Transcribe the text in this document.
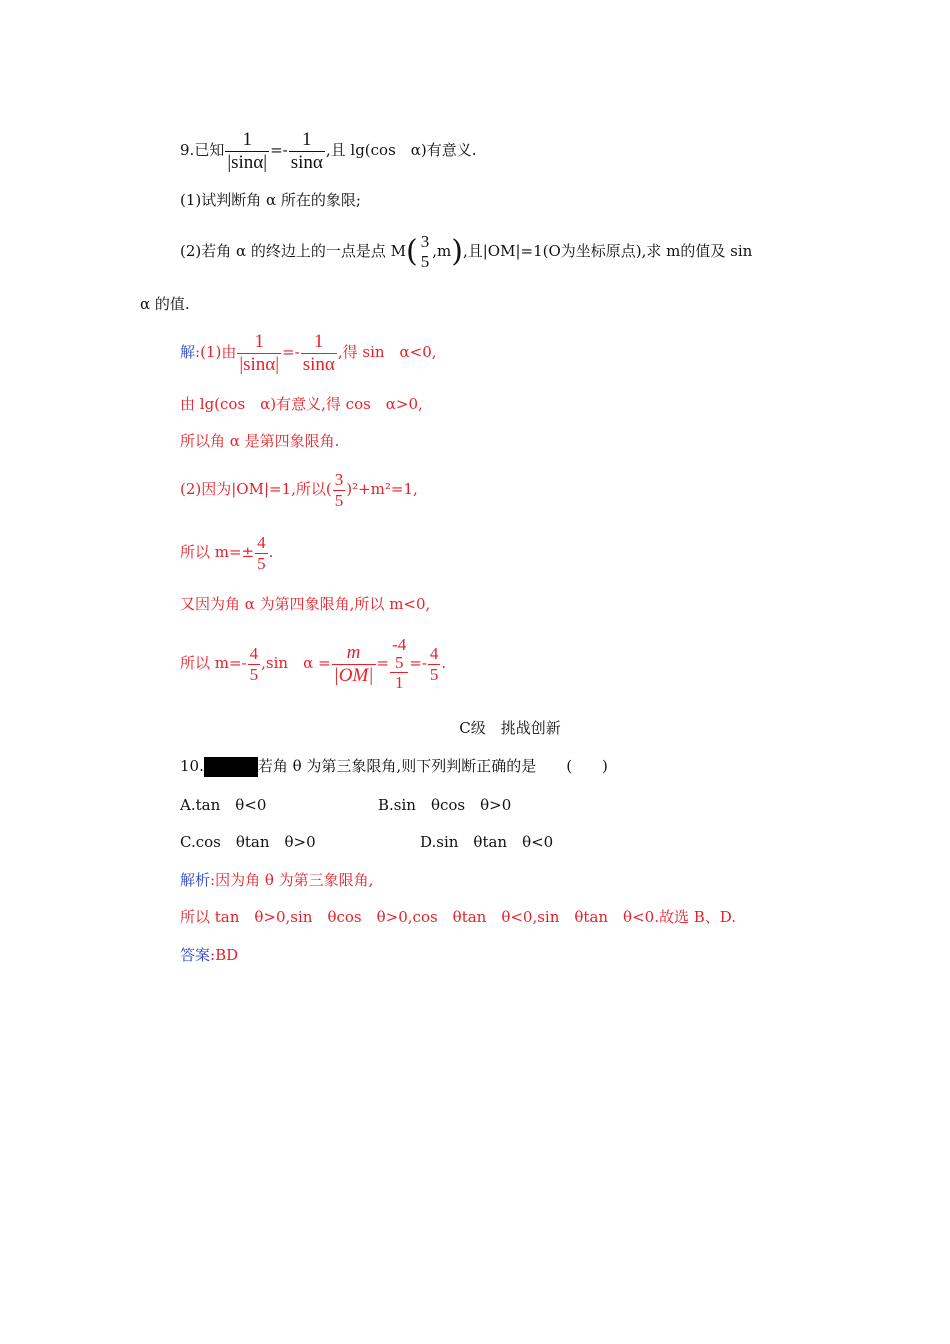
9.已知 $\frac{1}{|\sin\alpha|} =- \frac{1}{\sin\alpha}$ ,且 lg(cos　α)有意义.
(1)试判断角 α 所在的象限;
(2)若角 α 的终边上的一点是点 M( 3
5
,m),且|OM|=1(O为坐标原点),求 m的值及 sin
α 的值.
解:(1)由 $\frac{1}{|\sin\alpha|} =- \frac{1}{\sin\alpha}$ ,得 sin　α<0,
由 lg(cos　α)有意义,得 cos　α>0,
所以角 α 是第四象限角.
(2)因为|OM|=1,所以( $\frac{3}{5} )^2+m^2=1$,
所以 $m=\pm \frac{4}{5}$ .
又因为角 α 为第四象限角,所以 m<0,
所以 $m=- \frac{4}{5} ,\sin$　$\alpha = \frac{m}{|OM|}$ =
-4
5
1
=- $\frac{4}{5}$ .
C级　挑战创新
10.	若角 θ 为第三象限角,则下列判断正确的是　　(　　)
A.tan　θ<0	B.sin　θcos　θ>0
C.cos　θtan　θ>0	D.sin　θtan　θ<0
解析:因为角 θ 为第三象限角,
所以 tan　θ>0,sin　θcos　θ>0,cos　θtan　θ<0,sin　θtan　θ<0.故选 B、D.
答案:BD
